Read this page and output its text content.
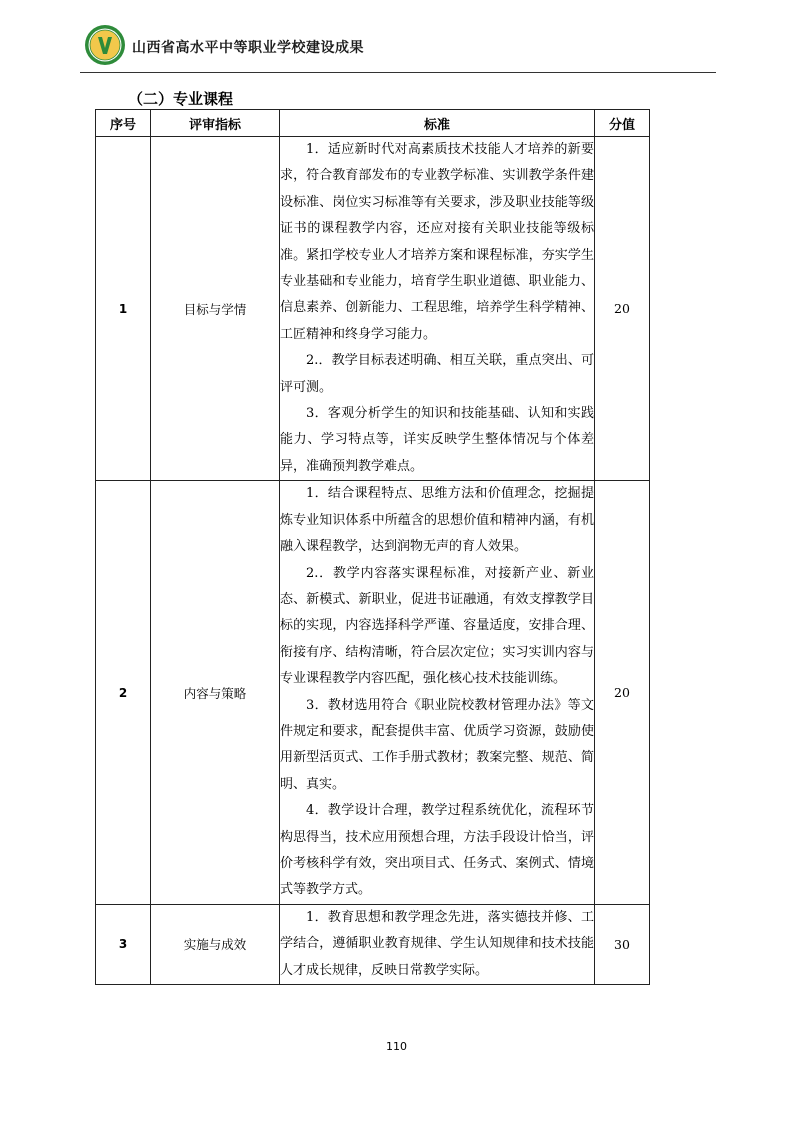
山西省高水平中等职业学校建设成果
（二）专业课程
序号	评审指标	标准	分值
1	目标与学情	1．适应新时代对高素质技术技能人才培养的新要求，符合教育部发布的专业教学标准、实训教学条件建设标准、岗位实习标准等有关要求，涉及职业技能等级证书的课程教学内容，还应对接有关职业技能等级标准。紧扣学校专业人才培养方案和课程标准，夯实学生专业基础和专业能力，培育学生职业道德、职业能力、信息素养、创新能力、工程思维，培养学生科学精神、工匠精神和终身学习能力。

2.．教学目标表述明确、相互关联，重点突出、可评可测。

3．客观分析学生的知识和技能基础、认知和实践能力、学习特点等，详实反映学生整体情况与个体差异，准确预判教学难点。	20
2	内容与策略	1．结合课程特点、思维方法和价值理念，挖掘提炼专业知识体系中所蕴含的思想价值和精神内涵，有机融入课程教学，达到润物无声的育人效果。

2.．教学内容落实课程标准，对接新产业、新业态、新模式、新职业，促进书证融通，有效支撑教学目标的实现，内容选择科学严谨、容量适度，安排合理、衔接有序、结构清晰，符合层次定位；实习实训内容与专业课程教学内容匹配，强化核心技术技能训练。

3．教材选用符合《职业院校教材管理办法》等文件规定和要求，配套提供丰富、优质学习资源，鼓励使用新型活页式、工作手册式教材；教案完整、规范、简明、真实。

4．教学设计合理，教学过程系统优化，流程环节构思得当，技术应用预想合理，方法手段设计恰当，评价考核科学有效，突出项目式、任务式、案例式、情境式等教学方式。	20
3	实施与成效	1．教育思想和教学理念先进，落实德技并修、工学结合，遵循职业教育规律、学生认知规律和技术技能人才成长规律，反映日常教学实际。	30
110
